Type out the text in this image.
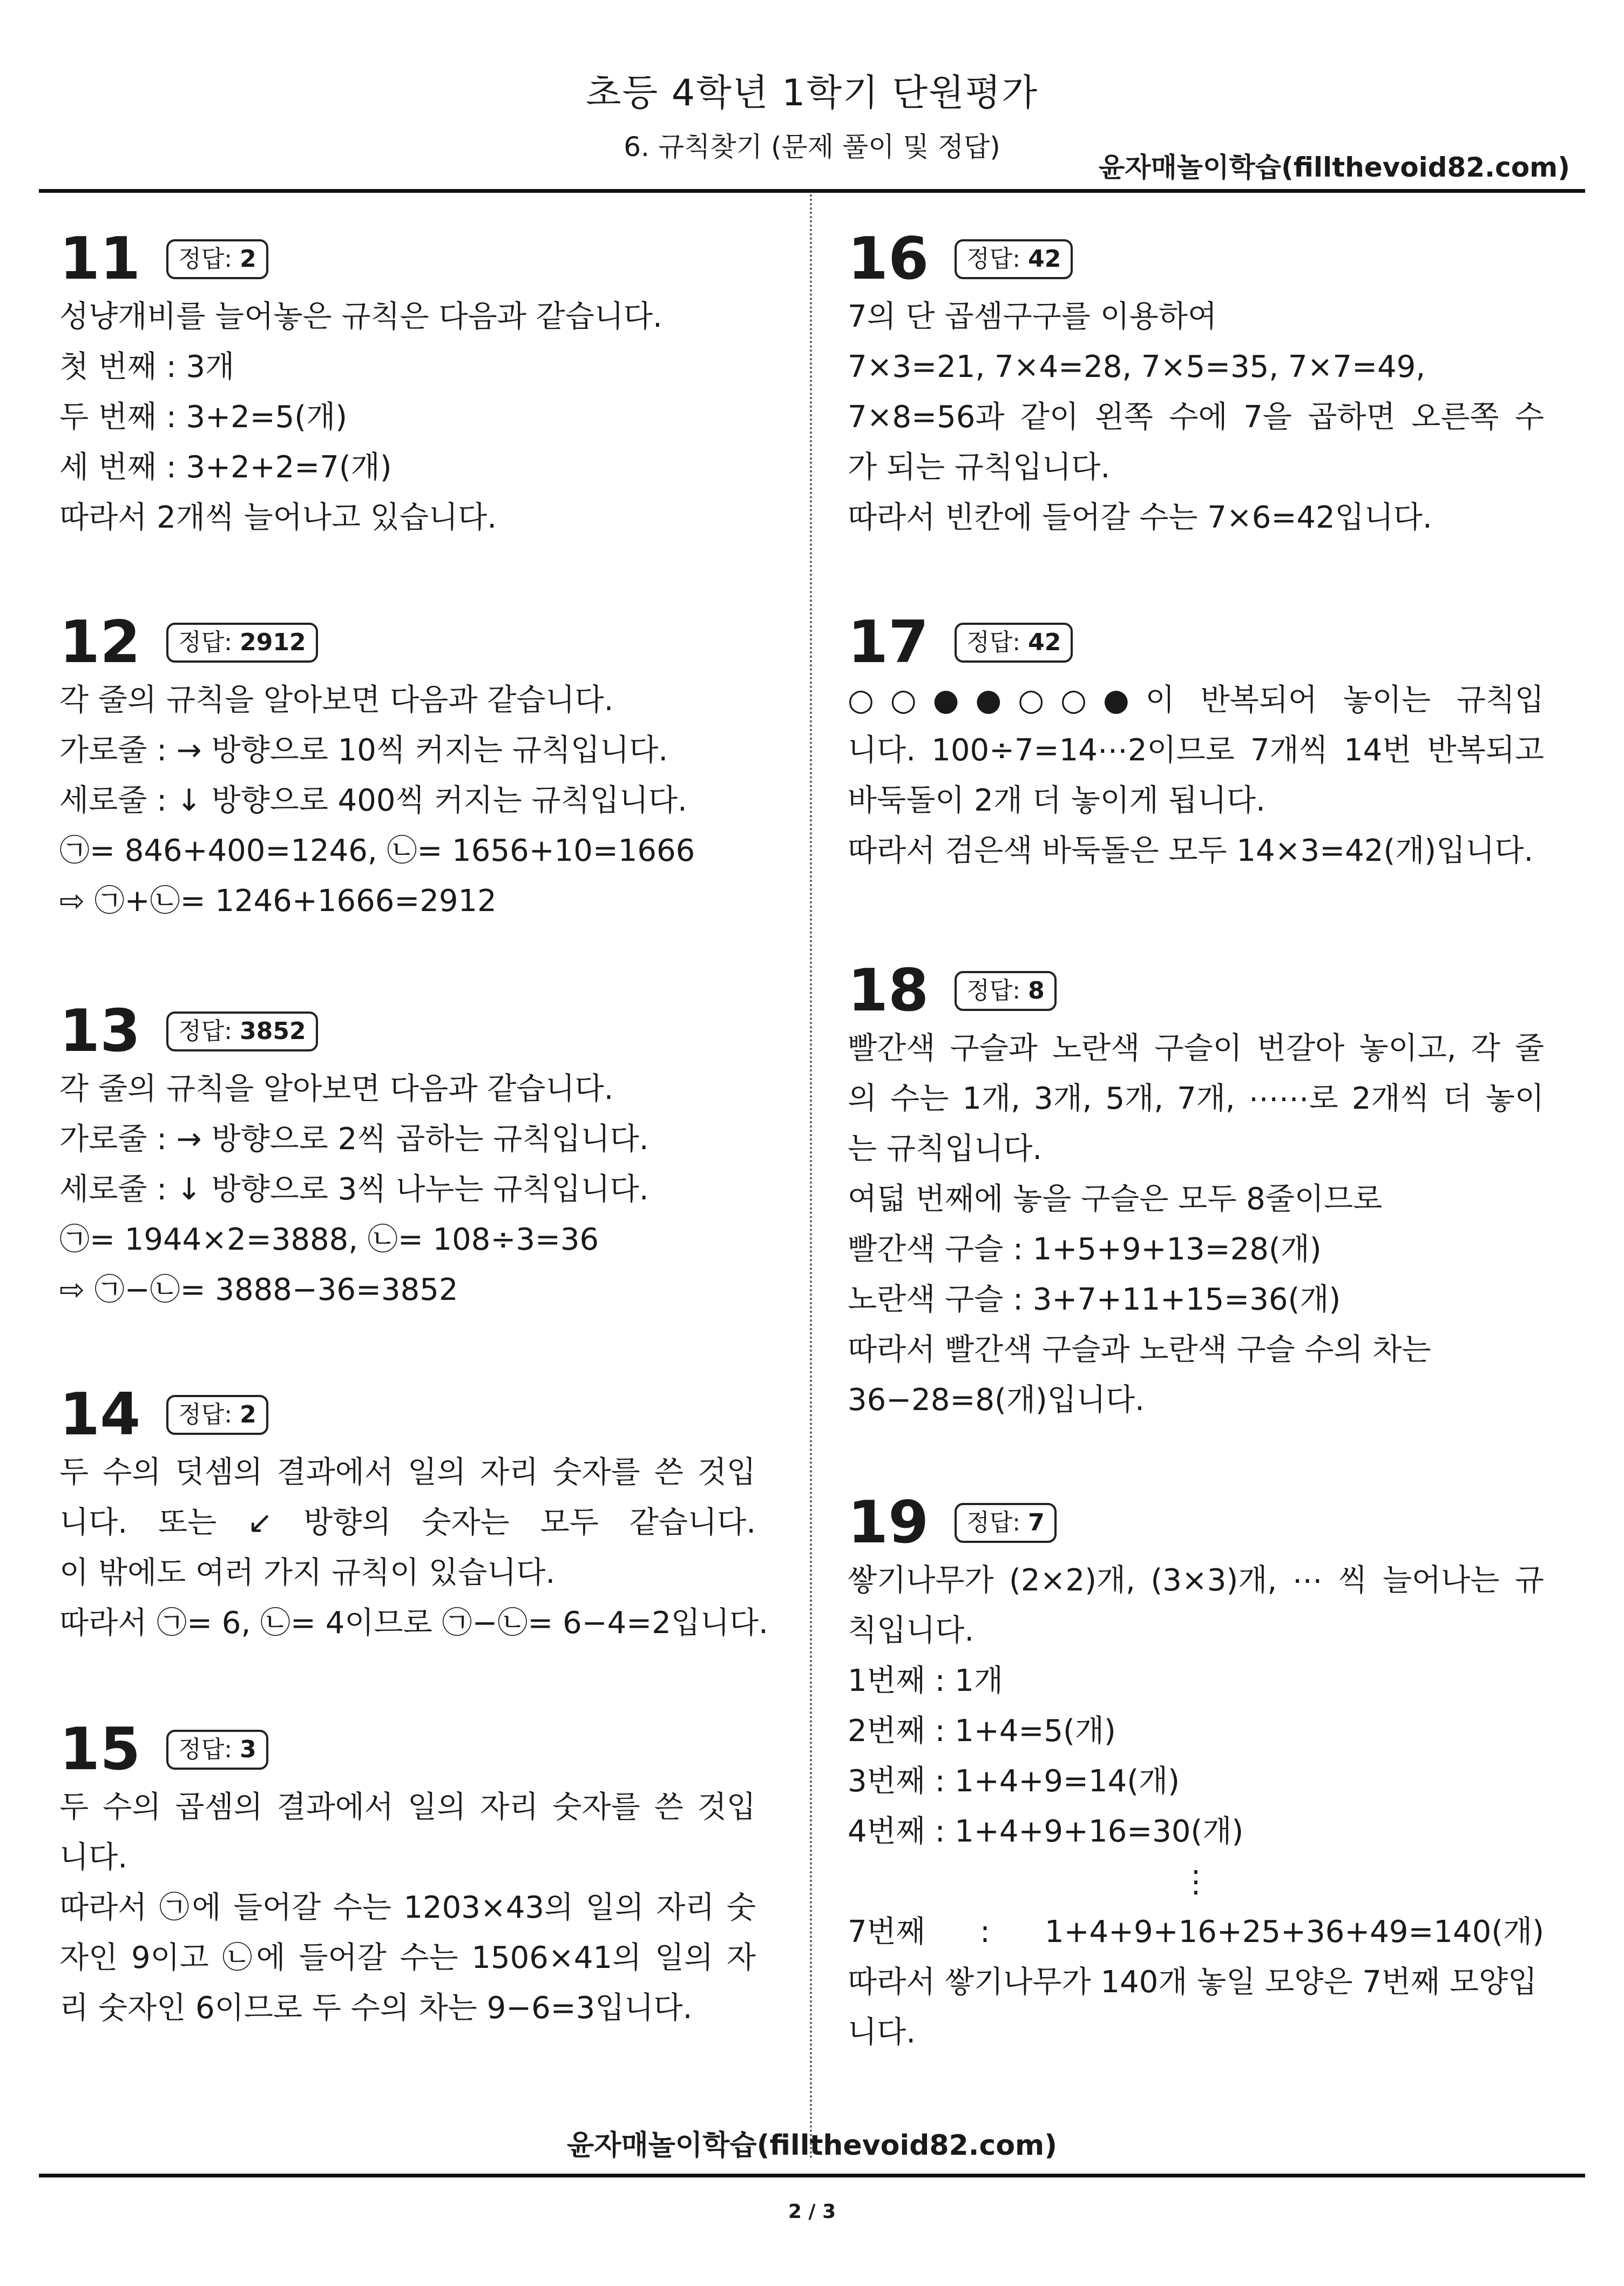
초등 4학년 1학기 단원평가
6. 규칙찾기 (문제 풀이 및 정답)
윤자매놀이학습(fillthevoid82.com)
11	정답: 2
성냥개비를 늘어놓은 규칙은 다음과 같습니다.
첫 번째 : 3개
두 번째 : 3+2=5(개)
세 번째 : 3+2+2=7(개)
따라서 2개씩 늘어나고 있습니다.
12	정답: 2912
각 줄의 규칙을 알아보면 다음과 같습니다.
가로줄 : → 방향으로 10씩 커지는 규칙입니다.
세로줄 : ↓ 방향으로 400씩 커지는 규칙입니다.
㉠= 846+400=1246, ㉡= 1656+10=1666
⇨ ㉠+㉡= 1246+1666=2912
13	정답: 3852
각 줄의 규칙을 알아보면 다음과 같습니다.
가로줄 : → 방향으로 2씩 곱하는 규칙입니다.
세로줄 : ↓ 방향으로 3씩 나누는 규칙입니다.
㉠= 1944×2=3888, ㉡= 108÷3=36
⇨ ㉠−㉡= 3888−36=3852
14	정답: 2
두 수의 덧셈의 결과에서 일의 자리 숫자를 쓴 것입
니다. 또는 ↙ 방향의 숫자는 모두 같습니다.
이 밖에도 여러 가지 규칙이 있습니다.
따라서 ㉠= 6, ㉡= 4이므로 ㉠−㉡= 6−4=2입니다.
15	정답: 3
두 수의 곱셈의 결과에서 일의 자리 숫자를 쓴 것입
니다.
따라서 ㉠에 들어갈 수는 1203×43의 일의 자리 숫
자인 9이고 ㉡에 들어갈 수는 1506×41의 일의 자
리 숫자인 6이므로 두 수의 차는 9−6=3입니다.
16	정답: 42
7의 단 곱셈구구를 이용하여
7×3=21, 7×4=28, 7×5=35, 7×7=49,
7×8=56과 같이 왼쪽 수에 7을 곱하면 오른쪽 수
가 되는 규칙입니다.
따라서 빈칸에 들어갈 수는 7×6=42입니다.
17	정답: 42
○○●●○○●이 반복되어 놓이는 규칙입
니다. 100÷7=14⋯2이므로 7개씩 14번 반복되고
바둑돌이 2개 더 놓이게 됩니다.
따라서 검은색 바둑돌은 모두 14×3=42(개)입니다.
18	정답: 8
빨간색 구슬과 노란색 구슬이 번갈아 놓이고, 각 줄
의 수는 1개, 3개, 5개, 7개, ⋯⋯로 2개씩 더 놓이
는 규칙입니다.
여덟 번째에 놓을 구슬은 모두 8줄이므로
빨간색 구슬 : 1+5+9+13=28(개)
노란색 구슬 : 3+7+11+15=36(개)
따라서 빨간색 구슬과 노란색 구슬 수의 차는
36−28=8(개)입니다.
19	정답: 7
쌓기나무가 (2×2)개, (3×3)개, ⋯ 씩 늘어나는 규
칙입니다.
1번째 : 1개
2번째 : 1+4=5(개)
3번째 : 1+4+9=14(개)
4번째 : 1+4+9+16=30(개)
⋮
7번째 : 1+4+9+16+25+36+49=140(개)
따라서 쌓기나무가 140개 놓일 모양은 7번째 모양입
니다.
윤자매놀이학습(fillthevoid82.com)
2 / 3
